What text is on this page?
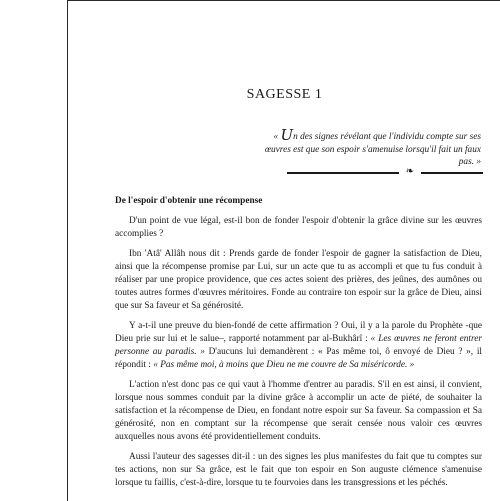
SAGESSE 1
« Un des signes révélant que l'individu compte sur ses œuvres est que son espoir s'amenuise lorsqu'il fait un faux pas. »
❧
De l'espoir d'obtenir une récompense

D'un point de vue légal, est-il bon de fonder l'espoir d'obtenir la grâce divine sur les œuvres accomplies ?

Ibn 'Atâ' Allâh nous dit : Prends garde de fonder l'espoir de gagner la satisfaction de Dieu, ainsi que la récompense promise par Lui, sur un acte que tu as accompli et que tu fus conduit à réaliser par une propice providence, que ces actes soient des prières, des jeûnes, des aumônes ou toutes autres formes d'œuvres méritoires. Fonde au contraire ton espoir sur la grâce de Dieu, ainsi que sur Sa faveur et Sa générosité.

Y a-t-il une preuve du bien-fondé de cette affirmation ? Oui, il y a la parole du Prophète -que Dieu prie sur lui et le salue–, rapporté notamment par al-Bukhârî : « Les œuvres ne feront entrer personne au paradis. » D'aucuns lui demandèrent : « Pas même toi, ô envoyé de Dieu ? », il répondit : « Pas même moi, à moins que Dieu ne me couvre de Sa miséricorde. »

L'action n'est donc pas ce qui vaut à l'homme d'entrer au paradis. S'il en est ainsi, il convient, lorsque nous sommes conduit par la divine grâce à accomplir un acte de piété, de souhaiter la satisfaction et la récompense de Dieu, en fondant notre espoir sur Sa faveur. Sa compassion et Sa générosité, non en comptant sur la récompense que serait censée nous valoir ces œuvres auxquelles nous avons été providentiellement conduits.

Aussi l'auteur des sagesses dit-il : un des signes les plus manifestes du fait que tu comptes sur tes actions, non sur Sa grâce, est le fait que ton espoir en Son auguste clémence s'amenuise lorsque tu faillis, c'est-à-dire, lorsque tu te fourvoies dans les transgressions et les péchés.
